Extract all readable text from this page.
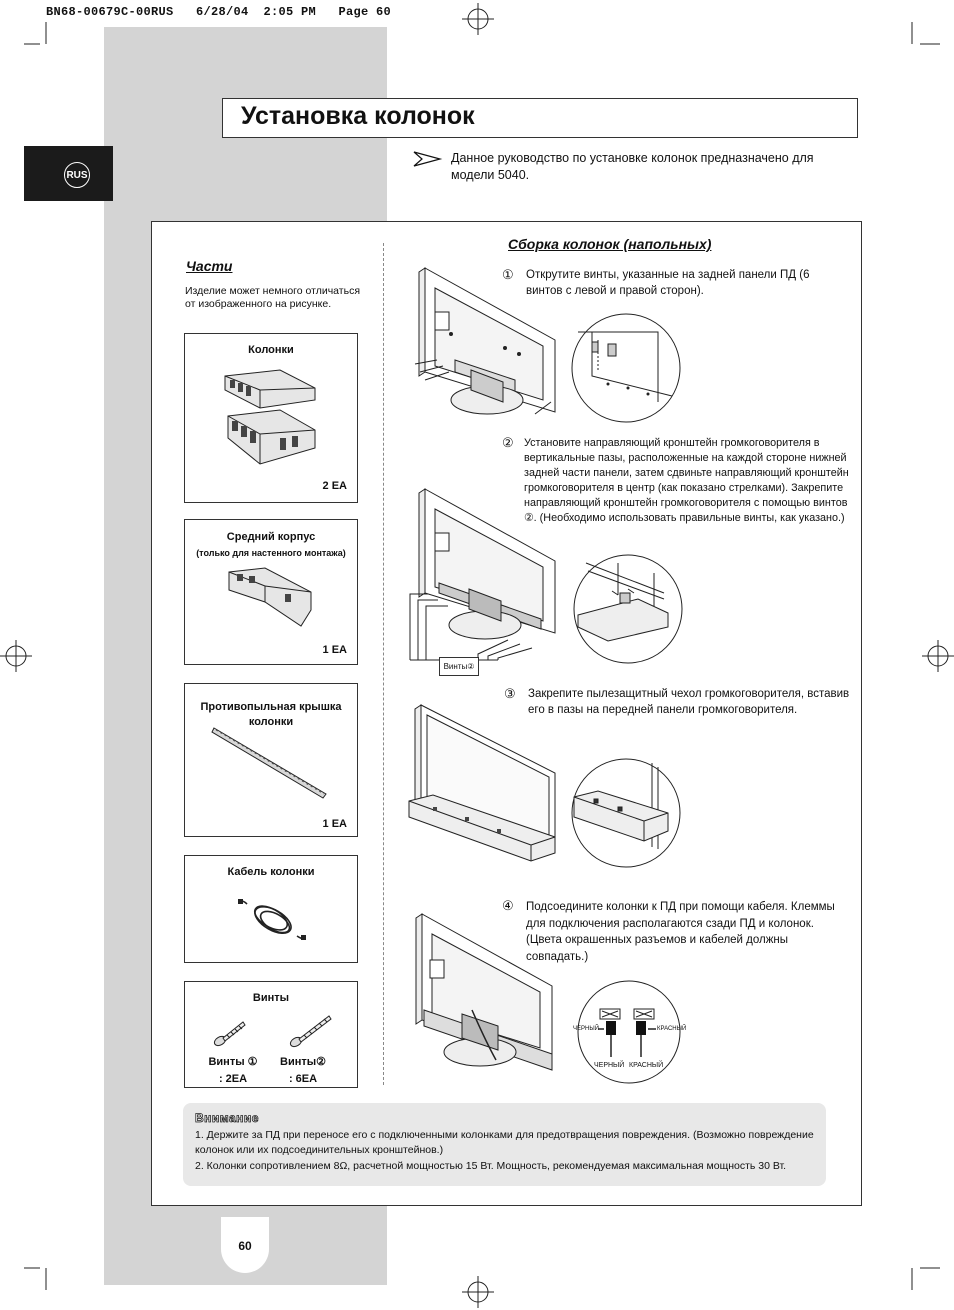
BN68-00679C-00RUS   6/28/04  2:05 PM   Page 60
RUS
Установка колонок
Данное руководство по установке колонок предназначено для модели 5040.
Части
Изделие может немного отличаться от изображенного на рисунке.
Колонки
2 EA
Средний корпус
(только для настенного монтажа)
1 EA
Противопыльная крышка колонки
1 EA
Кабель колонки
Винты
Винты ①
: 2EA
Винты②
: 6EA
Сборка колонок (напольных)
① Открутите винты, указанные на задней панели ПД (6 винтов с левой и правой сторон).
② Установите направляющий кронштейн громкоговорителя в вертикальные пазы, расположенные на каждой стороне нижней задней части панели, затем сдвиньте направляющий кронштейн громкоговорителя в центр (как показано стрелками). Закрепите направляющий кронштейн громкоговорителя с помощью винтов ②. (Необходимо использовать правильные винты, как указано.)
Винты②
③ Закрепите пылезащитный чехол громкоговорителя, вставив его в пазы на передней панели громкоговорителя.
④ Подсоедините колонки к ПД при помощи кабеля. Клеммы для подключения располагаются сзади ПД и колонок. (Цвета окрашенных разъемов и кабелей должны совпадать.)
ЧЕРНЫЙ	КРАСНЫЙ
ЧЕРНЫЙ КРАСНЫЙ
Внимание
1. Держите за ПД при переносе его с подключенными колонками для предотвращения повреждения. (Возможно повреждение колонок или их подсоединительных кронштейнов.)
2. Колонки сопротивлением 8Ω, расчетной мощностью 15 Вт. Мощность, рекомендуемая максимальная мощность 30 Вт.
60
